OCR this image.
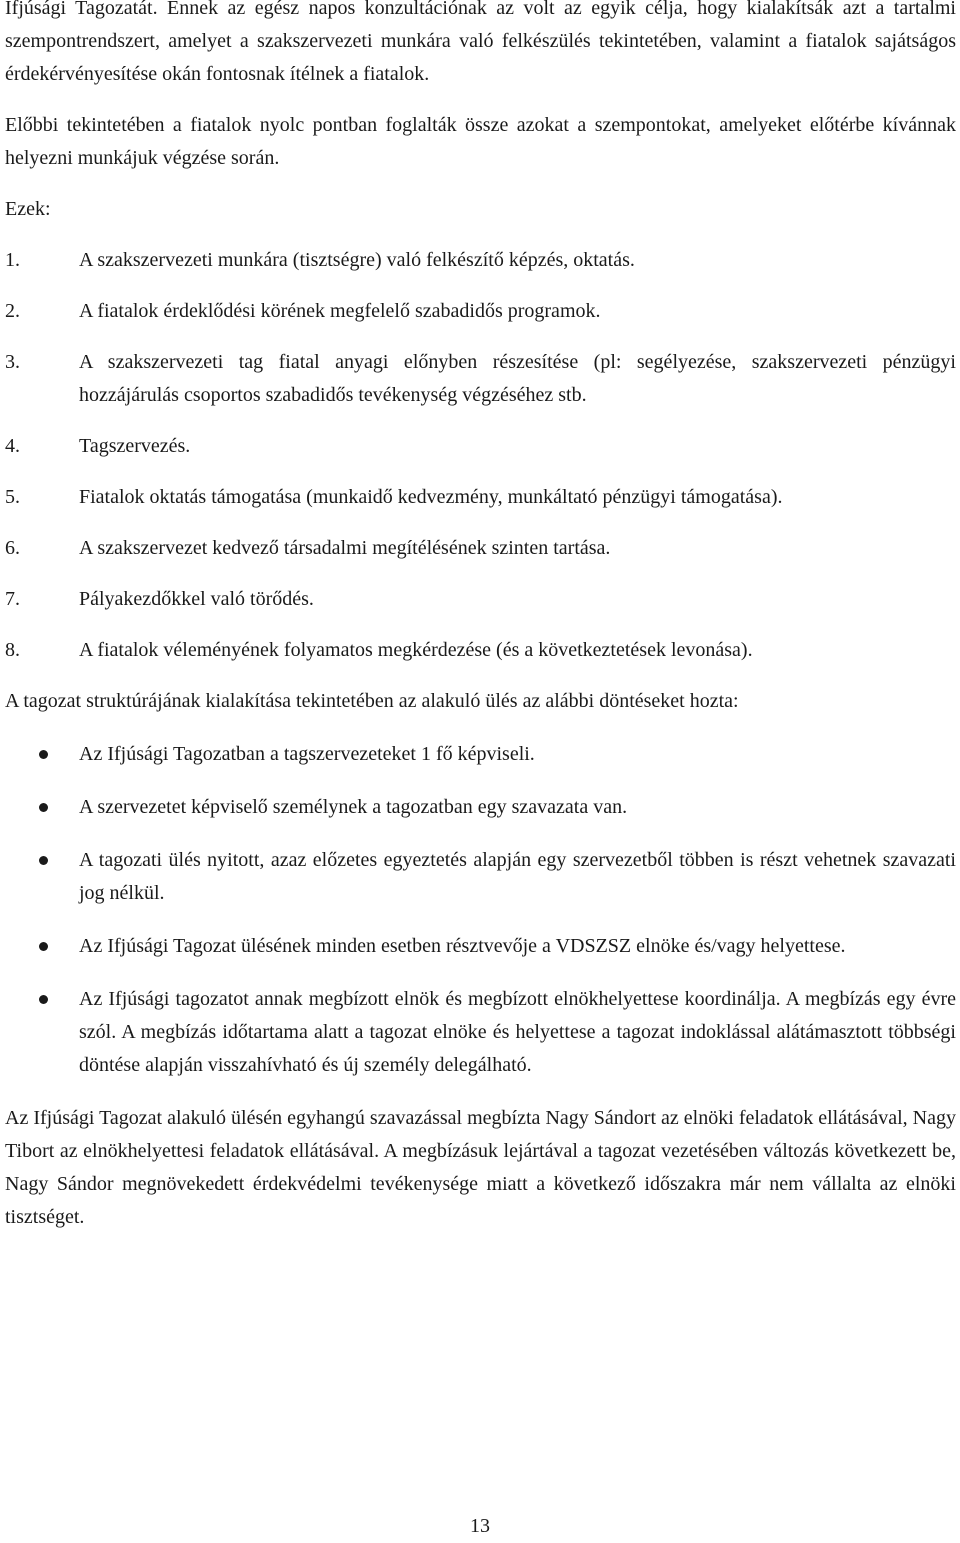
Ifjúsági Tagozatát. Ennek az egész napos konzultációnak az volt az egyik célja, hogy kialakítsák azt a tartalmi szempontrendszert, amelyet a szakszervezeti munkára való felkészülés tekintetében, valamint a fiatalok sajátságos érdekérvényesítése okán fontosnak ítélnek a fiatalok.

Előbbi tekintetében a fiatalok nyolc pontban foglalták össze azokat a szempontokat, amelyeket előtérbe kívánnak helyezni munkájuk végzése során.

Ezek:

1.	A szakszervezeti munkára (tisztségre) való felkészítő képzés, oktatás.
2.	A fiatalok érdeklődési körének megfelelő szabadidős programok.
3.	A szakszervezeti tag fiatal anyagi előnyben részesítése (pl: segélyezése, szakszervezeti pénzügyi hozzájárulás csoportos szabadidős tevékenység végzéséhez stb.
4.	Tagszervezés.
5.	Fiatalok oktatás támogatása (munkaidő kedvezmény, munkáltató pénzügyi támogatása).
6.	A szakszervezet kedvező társadalmi megítélésének szinten tartása.
7.	Pályakezdőkkel való törődés.
8.	A fiatalok véleményének folyamatos megkérdezése (és a következtetések levonása).

A tagozat struktúrájának kialakítása tekintetében az alakuló ülés az alábbi döntéseket hozta:

Az Ifjúsági Tagozatban a tagszervezeteket 1 fő képviseli.
A szervezetet képviselő személynek a tagozatban egy szavazata van.
A tagozati ülés nyitott, azaz előzetes egyeztetés alapján egy szervezetből többen is részt vehetnek szavazati jog nélkül.
Az Ifjúsági Tagozat ülésének minden esetben résztvevője a VDSZSZ elnöke és/vagy helyettese.
Az Ifjúsági tagozatot annak megbízott elnök és megbízott elnökhelyettese koordinálja. A megbízás egy évre szól. A megbízás időtartama alatt a tagozat elnöke és helyettese a tagozat indoklással alátámasztott többségi döntése alapján visszahívható és új személy delegálható.

Az Ifjúsági Tagozat alakuló ülésén egyhangú szavazással megbízta Nagy Sándort az elnöki feladatok ellátásával, Nagy Tibort az elnökhelyettesi feladatok ellátásával. A megbízásuk lejártával a tagozat vezetésében változás következett be, Nagy Sándor megnövekedett érdekvédelmi tevékenysége miatt a következő időszakra már nem vállalta az elnöki tisztséget.

13
